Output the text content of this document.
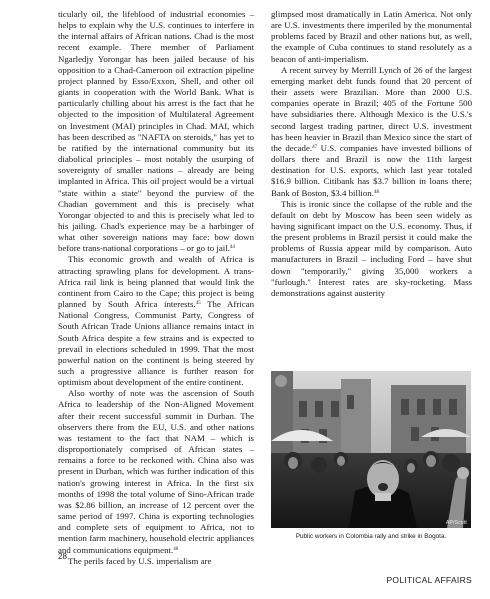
ticularly oil, the lifeblood of industrial economies – helps to explain why the U.S. continues to interfere in the internal affairs of African nations. Chad is the most recent example. There member of Parliament Ngarledjy Yorongar has been jailed because of his opposition to a Chad-Cameroon oil extraction pipeline project planned by Esso/Exxon, Shell, and other oil giants in cooperation with the World Bank. What is particularly chilling about his arrest is the fact that he objected to the imposition of Multilateral Agreement on Investment (MAI) principles in Chad. MAI, which has been described as "NAFTA on steroids," has yet to be ratified by the international community but its diabolical principles – most notably the usurping of sovereignty of smaller nations – already are being implanted in Africa. This oil project would be a virtual "state within a state" beyond the purview of the Chadian government and this is precisely what Yorongar objected to and this is precisely what led to his jailing. Chad's experience may be a harbinger of what other sovereign nations may face: bow down before trans-national corporations – or go to jail.$^{44}$

This economic growth and wealth of Africa is attracting sprawling plans for development. A trans-Africa rail link is being planned that would link the continent from Cairo to the Cape; this project is being planned by South Africa interests.$^{45}$ The African National Congress, Communist Party, Congress of South African Trade Unions alliance remains intact in South Africa despite a few strains and is expected to prevail in elections scheduled in 1999. That the most powerful nation on the continent is being steered by such a progressive alliance is further reason for optimism about development of the entire continent.

Also worthy of note was the ascension of South Africa to leadership of the Non-Aligned Movement after their recent successful summit in Durban. The observers there from the EU, U.S. and other nations was testament to the fact that NAM – which is disproportionately comprised of African states – remains a force to be reckoned with. China also was present in Durban, which was further indication of this nation's growing interest in Africa. In the first six months of 1998 the total volume of Sino-African trade was $2.86 billion, an increase of 12 percent over the same period of 1997. China is exporting technologies and complete sets of equipment to Africa, not to mention farm machinery, household electric appliances and communications equipment.$^{46}$

The perils faced by U.S. imperialism are

glimpsed most dramatically in Latin America. Not only are U.S. investments there imperiled by the monumental problems faced by Brazil and other nations but, as well, the example of Cuba continues to stand resolutely as a beacon of anti-imperialism.

A recent survey by Merrill Lynch of 26 of the largest emerging market debt funds found that 20 percent of their assets were Brazilian. More than 2000 U.S. companies operate in Brazil; 405 of the Fortune 500 have subsidiaries there. Although Mexico is the U.S.'s second largest trading partner, direct U.S. investment has been heavier in Brazil than Mexico since the start of the decade.$^{47}$ U.S. companies have invested billions of dollars there and Brazil is now the 11th largest destination for U.S. exports, which last year totaled $16.9 billion. Citibank has $3.7 billion in loans there; Bank of Boston, $3.4 billion.$^{48}$

This is ironic since the collapse of the ruble and the default on debt by Moscow has been seen widely as having significant impact on the U.S. economy. Thus, if the present problems in Brazil persist it could make the problems of Russia appear mild by comparison. Auto manufacturers in Brazil – including Ford – have shut down "temporarily," giving 35,000 workers a "furlough." Interest rates are sky-rocketing. Mass demonstrations against austerity

AP/Scott
Public workers in Colombia rally and strike in Bogota.
28
POLITICAL AFFAIRS
